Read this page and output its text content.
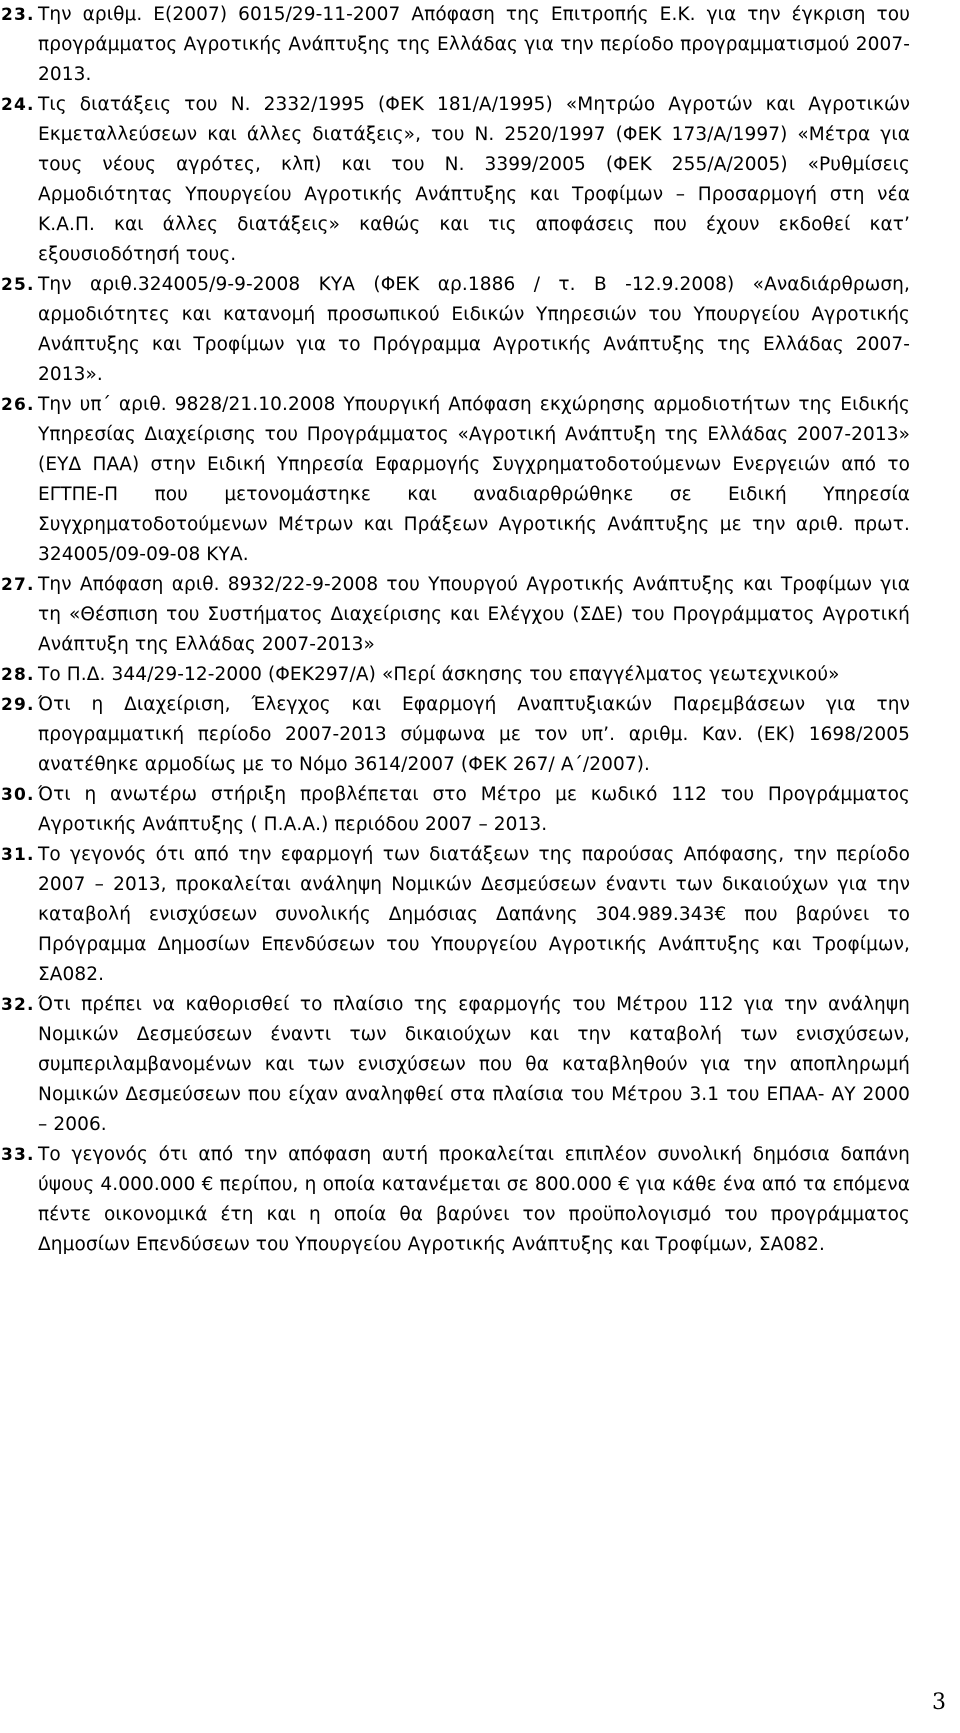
23. Την αριθμ. Ε(2007) 6015/29-11-2007 Απόφαση της Επιτροπής Ε.Κ. για την έγκριση του προγράμματος Αγροτικής Ανάπτυξης της Ελλάδας για την περίοδο προγραμματισμού 2007-2013.
24. Τις διατάξεις του Ν. 2332/1995 (ΦΕΚ 181/Α/1995) «Μητρώο Αγροτών και Αγροτικών Εκμεταλλεύσεων και άλλες διατάξεις», του Ν. 2520/1997 (ΦΕΚ 173/Α/1997) «Μέτρα για τους νέους αγρότες, κλπ) και του Ν. 3399/2005 (ΦΕΚ 255/Α/2005) «Ρυθμίσεις Αρμοδιότητας Υπουργείου Αγροτικής Ανάπτυξης και Τροφίμων – Προσαρμογή στη νέα Κ.Α.Π. και άλλες διατάξεις» καθώς και τις αποφάσεις που έχουν εκδοθεί κατ’ εξουσιοδότησή τους.
25. Την αριθ.324005/9-9-2008 ΚΥΑ (ΦΕΚ αρ.1886 / τ. Β -12.9.2008) «Αναδιάρθρωση, αρμοδιότητες και κατανομή προσωπικού Ειδικών Υπηρεσιών του Υπουργείου Αγροτικής Ανάπτυξης και Τροφίμων για το Πρόγραμμα Αγροτικής Ανάπτυξης της Ελλάδας 2007-2013».
26. Την υπ΄ αριθ. 9828/21.10.2008 Υπουργική Απόφαση εκχώρησης αρμοδιοτήτων της Ειδικής Υπηρεσίας Διαχείρισης του Προγράμματος «Αγροτική Ανάπτυξη της Ελλάδας 2007-2013» (ΕΥΔ ΠΑΑ) στην Ειδική Υπηρεσία Εφαρμογής Συγχρηματοδοτούμενων Ενεργειών από το ΕΓΤΠΕ-Π που μετονομάστηκε και αναδιαρθρώθηκε σε Ειδική Υπηρεσία Συγχρηματοδοτούμενων Μέτρων και Πράξεων Αγροτικής Ανάπτυξης με την αριθ. πρωτ. 324005/09-09-08 ΚΥΑ.
27. Την Απόφαση αριθ. 8932/22-9-2008 του Υπουργού Αγροτικής Ανάπτυξης και Τροφίμων για τη «Θέσπιση του Συστήματος Διαχείρισης και Ελέγχου (ΣΔΕ) του Προγράμματος Αγροτική Ανάπτυξη της Ελλάδας 2007-2013»
28. Το Π.Δ. 344/29-12-2000 (ΦΕΚ297/Α) «Περί άσκησης του επαγγέλματος γεωτεχνικού»
29. Ότι η Διαχείριση, Έλεγχος και Εφαρμογή Αναπτυξιακών Παρεμβάσεων για την προγραμματική περίοδο 2007-2013 σύμφωνα με τον υπ’. αριθμ. Καν. (ΕΚ) 1698/2005 ανατέθηκε αρμοδίως με το Νόμο 3614/2007 (ΦΕΚ 267/ Α΄/2007).
30. Ότι η ανωτέρω στήριξη προβλέπεται στο Μέτρο με κωδικό 112 του Προγράμματος Αγροτικής Ανάπτυξης ( Π.Α.Α.) περιόδου 2007 – 2013.
31. Το γεγονός ότι από την εφαρμογή των διατάξεων της παρούσας Απόφασης, την περίοδο 2007 – 2013, προκαλείται ανάληψη Νομικών Δεσμεύσεων έναντι των δικαιούχων για την καταβολή ενισχύσεων συνολικής Δημόσιας Δαπάνης 304.989.343€ που βαρύνει το Πρόγραμμα Δημοσίων Επενδύσεων του Υπουργείου Αγροτικής Ανάπτυξης και Τροφίμων, ΣΑ082.
32. Ότι πρέπει να καθορισθεί το πλαίσιο της εφαρμογής του Μέτρου 112 για την ανάληψη Νομικών Δεσμεύσεων έναντι των δικαιούχων και την καταβολή των ενισχύσεων, συμπεριλαμβανομένων και των ενισχύσεων που θα καταβληθούν για την αποπληρωμή Νομικών Δεσμεύσεων που είχαν αναληφθεί στα πλαίσια του Μέτρου 3.1 του ΕΠΑΑ- ΑΥ 2000 – 2006.
33. Το γεγονός ότι από την απόφαση αυτή προκαλείται επιπλέον συνολική δημόσια δαπάνη ύψους 4.000.000 € περίπου, η οποία κατανέμεται σε 800.000 € για κάθε ένα από τα επόμενα πέντε οικονομικά έτη και η οποία θα βαρύνει τον προϋπολογισμό του προγράμματος Δημοσίων Επενδύσεων του Υπουργείου Αγροτικής Ανάπτυξης και Τροφίμων, ΣΑ082.
3
